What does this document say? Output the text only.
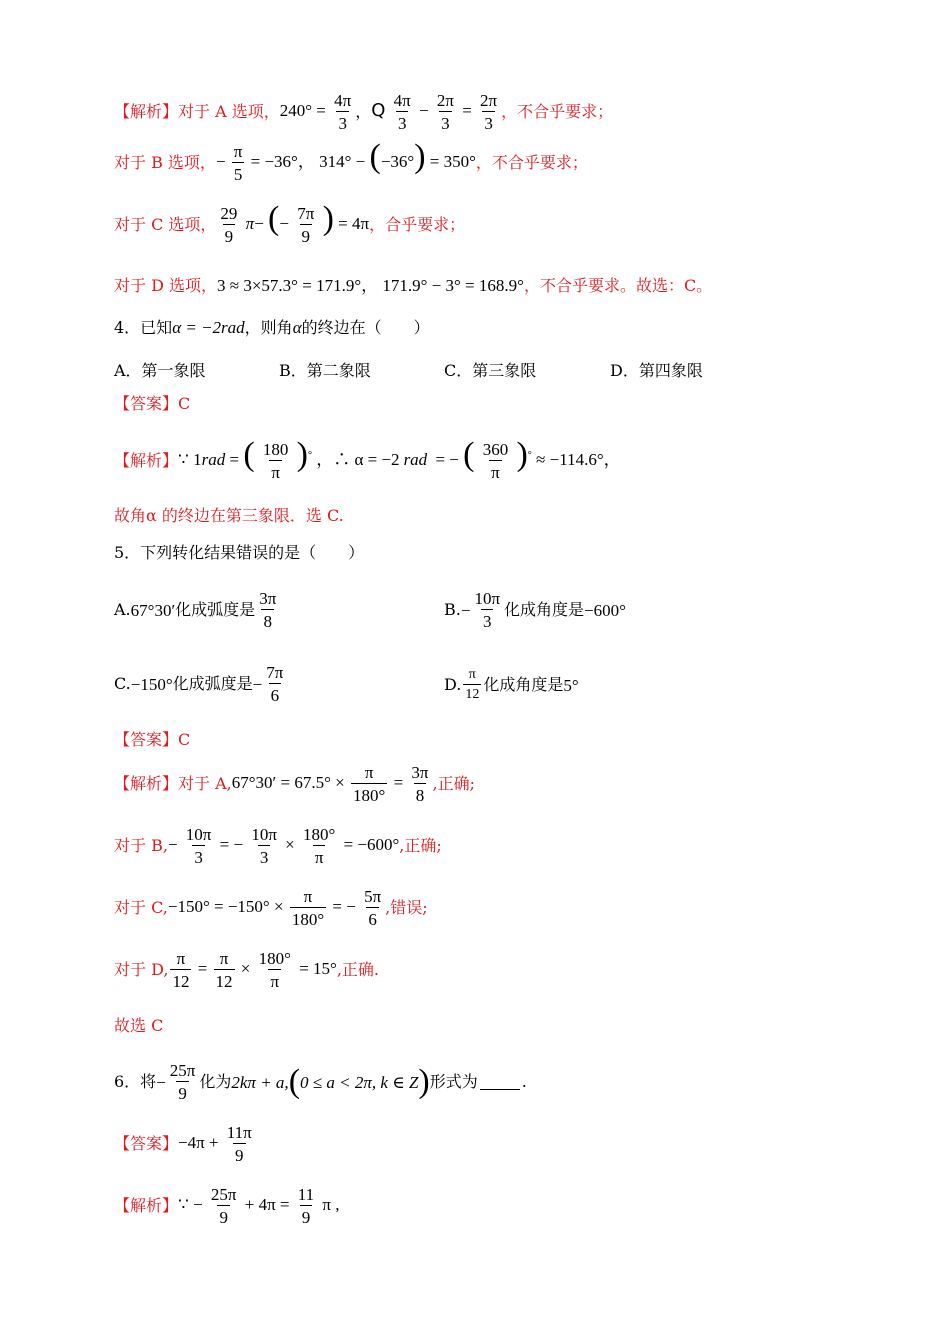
【解析】 对于 A 选项， $240^\circ = \frac{4\pi}{3}$ ， Q $\frac{4\pi}{3} - \frac{2\pi}{3} = \frac{2\pi}{3}$ ，不合乎要求；
对于 B 选项， − $\frac{\pi}{5} = -36^\circ$， 314° − (−36°) = 350° ，不合乎要求；
对于 C 选项， $\frac{29}{9} \pi-$ (− $\frac{7\pi}{9}$ ) = 4π ，合乎要求；
对于 D 选项， 3 ≈ 3×57.3° = 171.9°， 171.9° − 3° = 168.9° ，不合乎要求。故选：C。
4．已知 α = −2rad ，则角 α 的终边在（　　）
A．第一象限	B．第二象限	C．第三象限	D．第四象限
【答案】 C
【解析】 ∵ 1rad = ( $\frac{180}{\pi} )^\circ$ ，∴ α = −2 rad = − ( $\frac{360}{\pi} )^\circ \approx -114.6^\circ$，
故角α 的终边在第三象限．选 C.
5．下列转化结果错误的是（　　）
A. 67°30′ 化成弧度是 $\frac{3\pi}{8}$	B. − $\frac{10\pi}{3}$ 化成角度是 −600°
C. −150° 化成弧度是 − $\frac{7\pi}{6}$	D. $\frac{\pi}{12}$ 化成角度是 5°
【答案】 C
【解析】 对于 A, $67^\circ 30' = 67.5^\circ \times \frac{\pi}{180^\circ} = \frac{3\pi}{8}$ ,正确;
对于 B, − $\frac{10\pi}{3}$ = − $\frac{10\pi}{3} \times \frac{180^\circ}{\pi} = -600^\circ$ ,正确;
对于 C, $-150^\circ = -150^\circ \times \frac{\pi}{180^\circ}$ = − $\frac{5\pi}{6}$ ,错误;
对于 D, $\frac{\pi}{12} = \frac{\pi}{12} \times \frac{180^\circ}{\pi} = 15^\circ$ ,正确.
故选 C
6．将 − $\frac{25\pi}{9}$ 化为 2kπ + a, ( 0 ≤ a < 2π, k ∈ Z ) 形式为	.
【答案】 $-4\pi + \frac{11\pi}{9}$
【解析】 ∵ − $\frac{25\pi}{9} + 4\pi = \frac{11}{9}$ π ,
